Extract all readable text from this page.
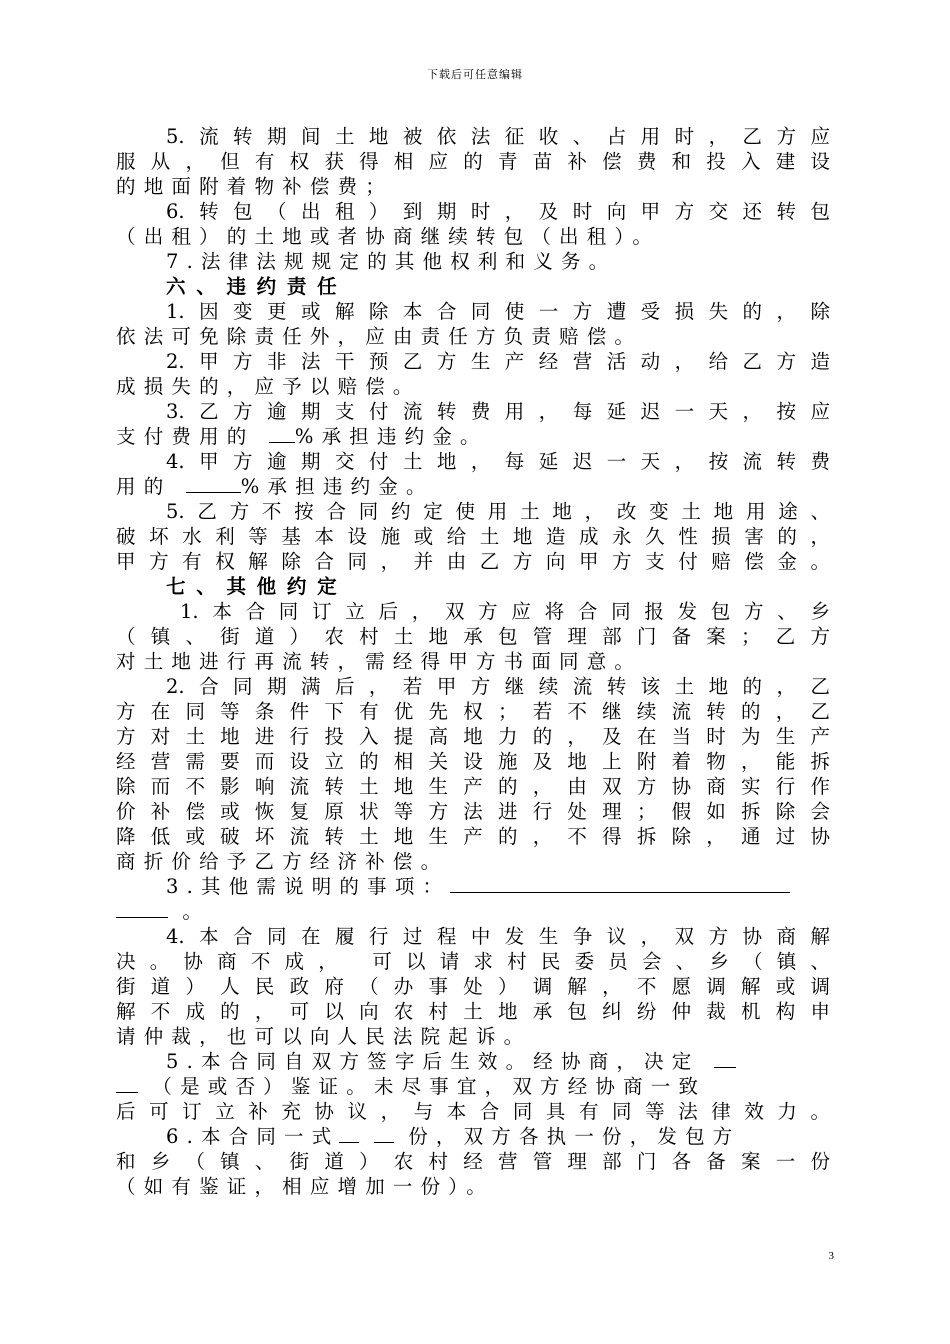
下载后可任意编辑
5.流转期间土地被依法征收、占用时，乙方应
服从，但有权获得相应的青苗补偿费和投入建设
的地面附着物补偿费；
6.转包（出租）到期时，及时向甲方交还转包
（出租）的土地或者协商继续转包（出租）。
7.法律法规规定的其他权利和义务。
六、违约责任
1.因变更或解除本合同使一方遭受损失的，除
依法可免除责任外，应由责任方负责赔偿。
2.甲方非法干预乙方生产经营活动，给乙方造
成损失的，应予以赔偿。
3.乙方逾期支付流转费用，每延迟一天，按应
支付费用的 %承担违约金。
4.甲方逾期交付土地，每延迟一天，按流转费
用的	%承担违约金。
5.乙方不按合同约定使用土地，改变土地用途、
破坏水利等基本设施或给土地造成永久性损害的，
甲方有权解除合同，并由乙方向甲方支付赔偿金。
七、其他约定
1.本合同订立后，双方应将合同报发包方、乡
（镇、街道）农村土地承包管理部门备案；乙方
对土地进行再流转，需经得甲方书面同意。
2.合同期满后，若甲方继续流转该土地的，乙
方在同等条件下有优先权；若不继续流转的，乙
方对土地进行投入提高地力的，及在当时为生产
经营需要而设立的相关设施及地上附着物，能拆
除而不影响流转土地生产的，由双方协商实行作
价补偿或恢复原状等方法进行处理；假如拆除会
降低或破坏流转土地生产的，不得拆除，通过协
商折价给予乙方经济补偿。
3.其他需说明的事项：
。
4.本合同在履行过程中发生争议，双方协商解
决。协商不成， 可以请求村民委员会、乡（镇、
街道）人民政府（办事处）调解，不愿调解或调
解不成的，可以向农村土地承包纠纷仲裁机构申
请仲裁，也可以向人民法院起诉。
5.本合同自双方签字后生效。经协商，决定
（是或否）鉴证。未尽事宜，双方经协商一致
后可订立补充协议，与本合同具有同等法律效力。
6.本合同一式	份，双方各执一份，发包方
和乡（镇、街道）农村经营管理部门各备案一份
（如有鉴证，相应增加一份）。
3
